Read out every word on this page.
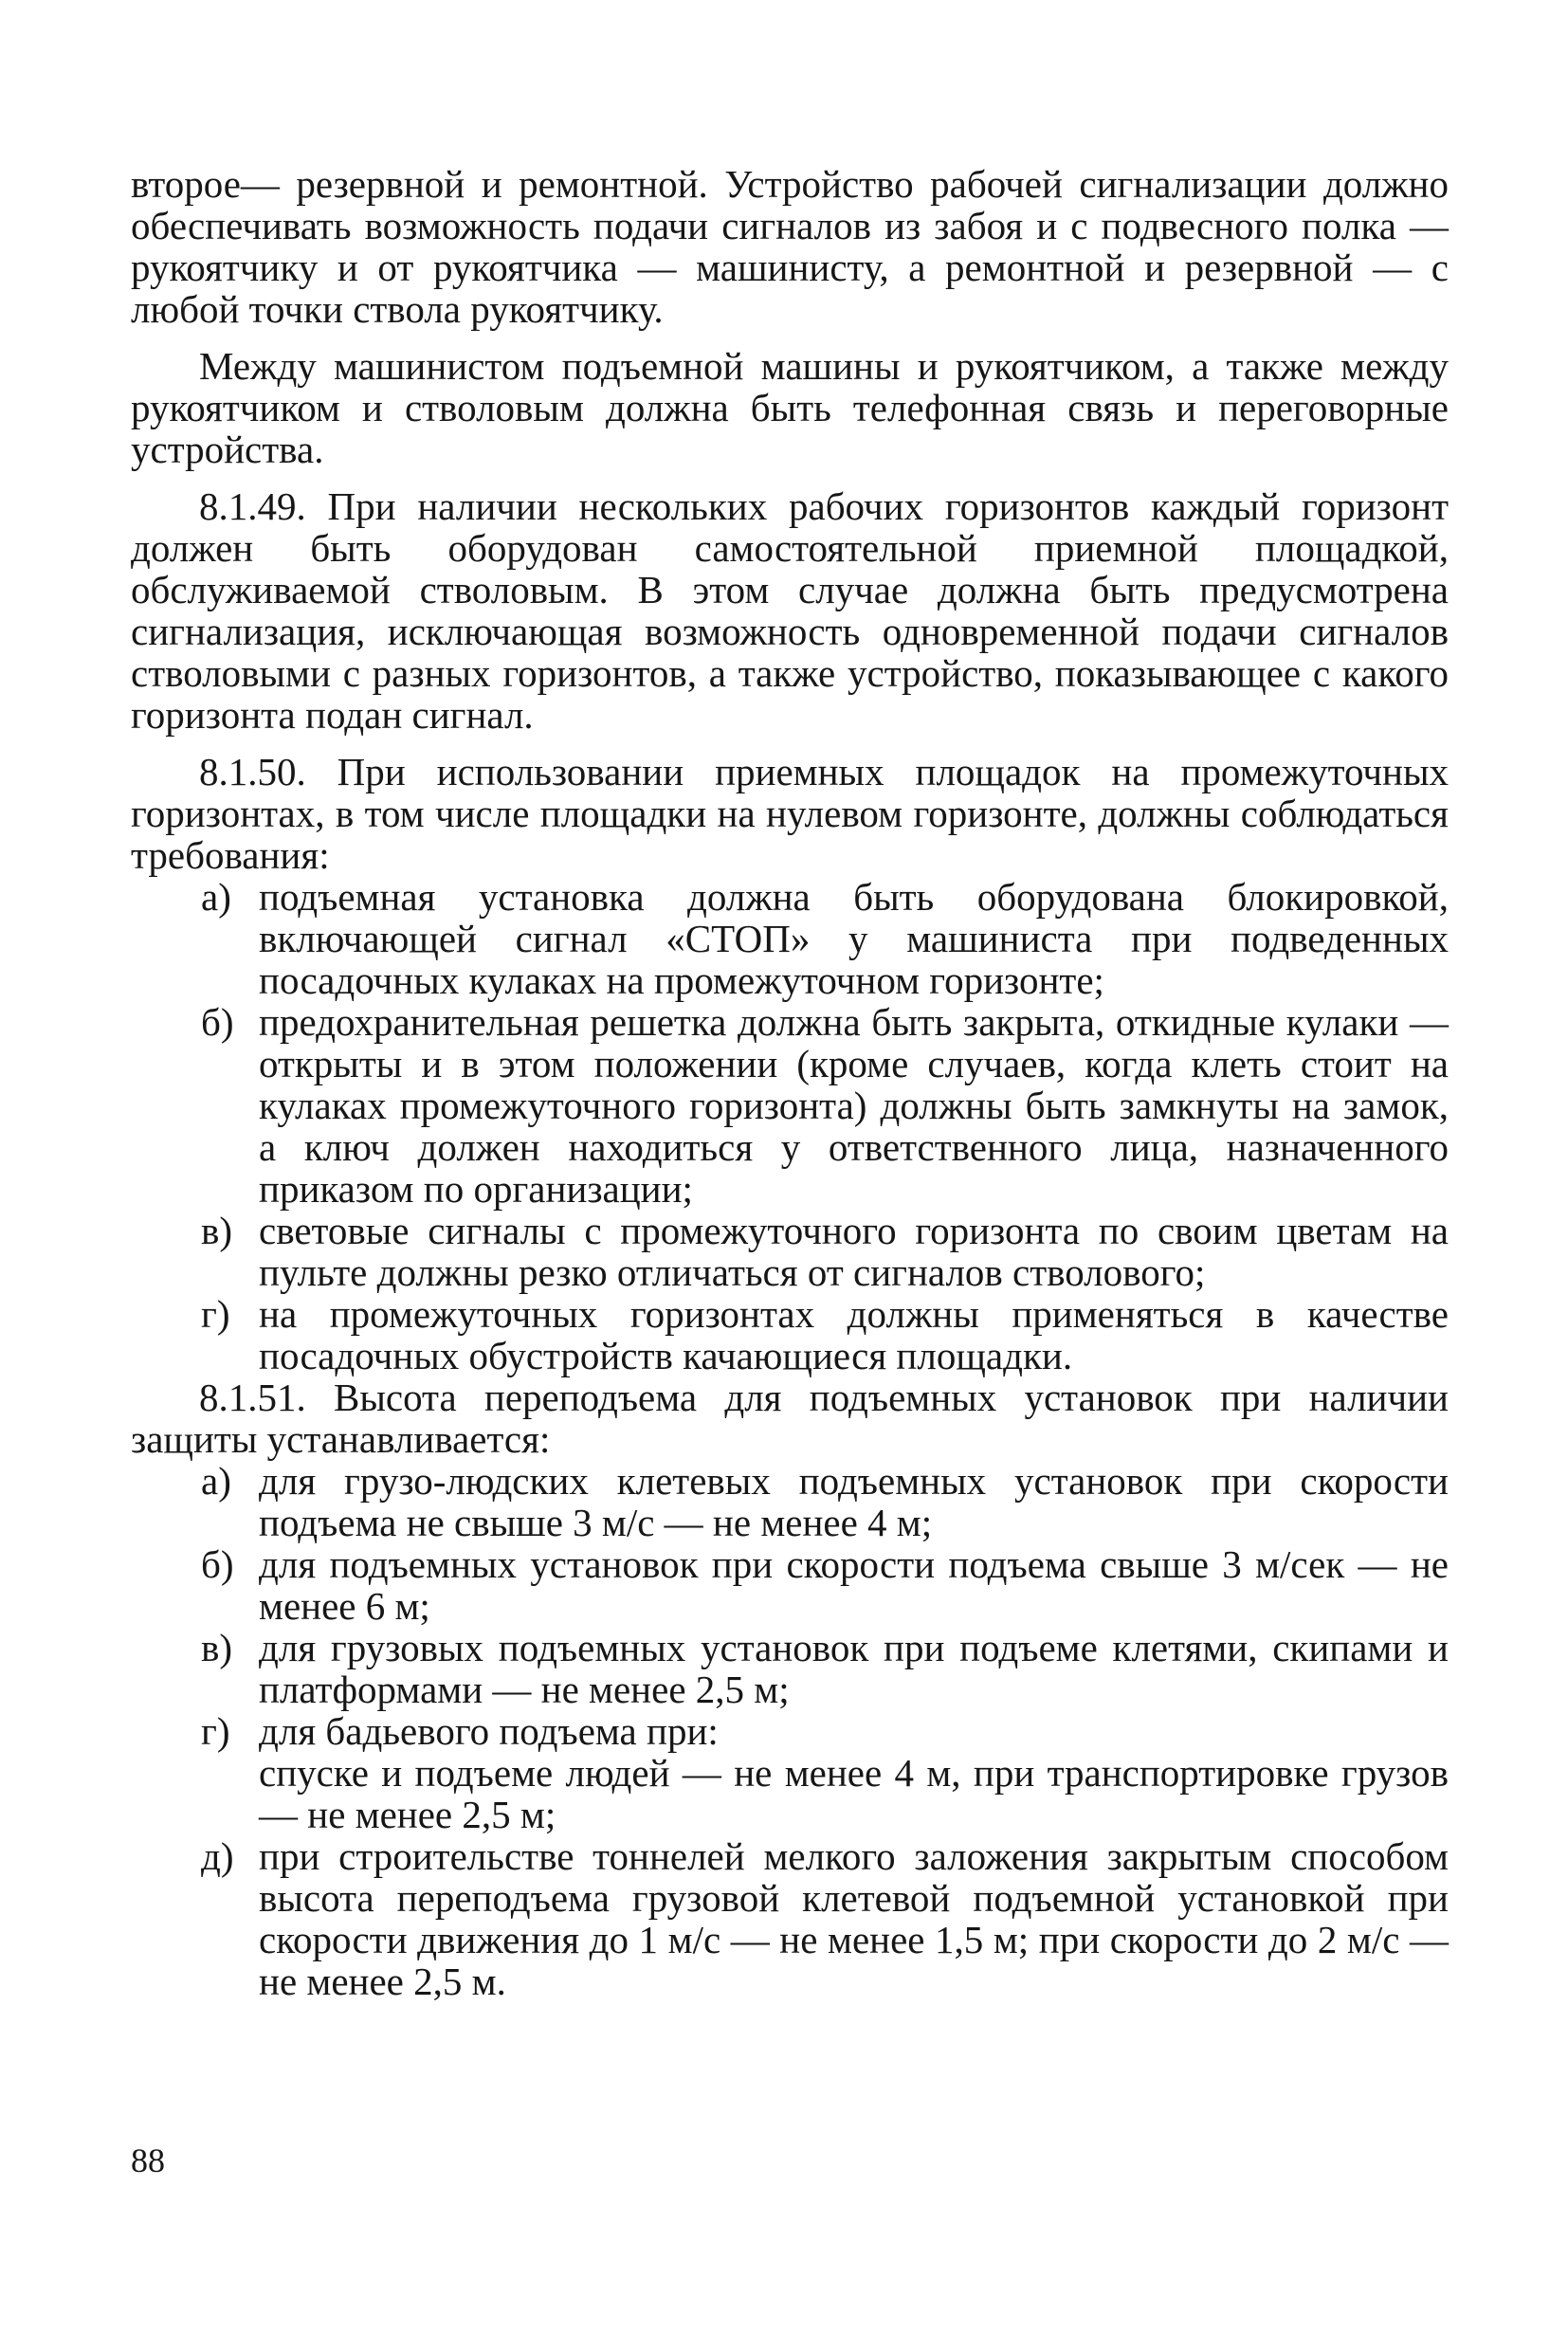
второе— резервной и ремонтной. Устройство рабочей сигнализации должно обеспечивать возможность подачи сигналов из забоя и с подвесного полка — рукоятчику и от рукоятчика — машинисту, а ремонтной и резервной — с любой точки ствола рукоятчику.

Между машинистом подъемной машины и рукоятчиком, а также между рукоятчиком и стволовым должна быть телефонная связь и переговорные устройства.

8.1.49. При наличии нескольких рабочих горизонтов каждый горизонт должен быть оборудован самостоятельной приемной площадкой, обслуживаемой стволовым. В этом случае должна быть предусмотрена сигнализация, исключающая возможность одновременной подачи сигналов стволовыми с разных горизонтов, а также устройство, показывающее с какого горизонта подан сигнал.

8.1.50. При использовании приемных площадок на промежуточных горизонтах, в том числе площадки на нулевом горизонте, должны соблюдаться требования:

а) подъемная установка должна быть оборудована блокировкой, включающей сигнал «СТОП» у машиниста при подведенных посадочных кулаках на промежуточном горизонте;

б) предохранительная решетка должна быть закрыта, откидные кулаки — открыты и в этом положении (кроме случаев, когда клеть стоит на кулаках промежуточного горизонта) должны быть замкнуты на замок, а ключ должен находиться у ответственного лица, назначенного приказом по организации;

в) световые сигналы с промежуточного горизонта по своим цветам на пульте должны резко отличаться от сигналов стволового;

г) на промежуточных горизонтах должны применяться в качестве посадочных обустройств качающиеся площадки.

8.1.51. Высота переподъема для подъемных установок при наличии защиты устанавливается:

а) для грузо-людских клетевых подъемных установок при скорости подъема не свыше 3 м/с — не менее 4 м;

б) для подъемных установок при скорости подъема свыше 3 м/сек — не менее 6 м;

в) для грузовых подъемных установок при подъеме клетями, скипами и платформами — не менее 2,5 м;

г) для бадьевого подъема при:

спуске и подъеме людей — не менее 4 м, при транспортировке грузов — не менее 2,5 м;

д) при строительстве тоннелей мелкого заложения закрытым способом высота переподъема грузовой клетевой подъемной установкой при скорости движения до 1 м/с — не менее 1,5 м; при скорости до 2 м/с — не менее 2,5 м.

88
